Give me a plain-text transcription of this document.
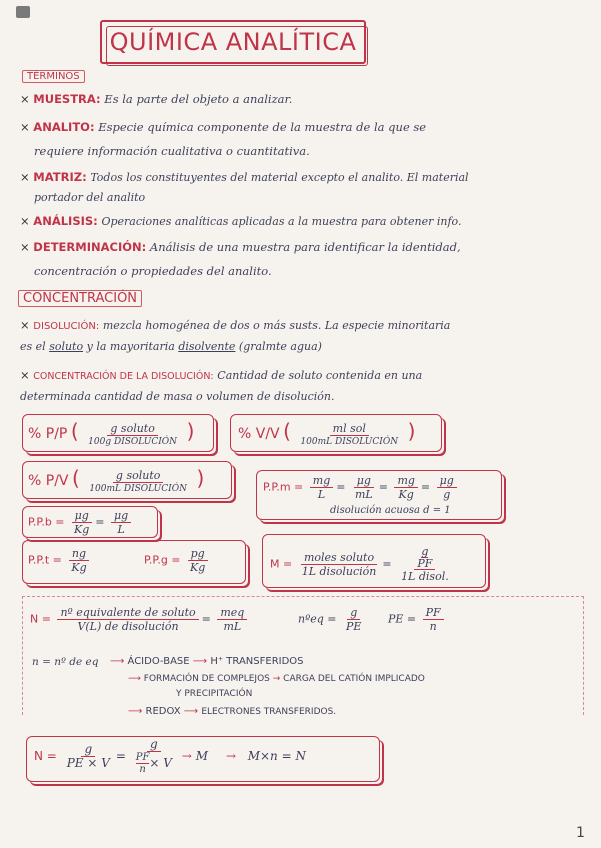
QUÍMICA ANALÍTICA
TÉRMINOS
× MUESTRA: Es la parte del objeto a analizar.
× ANALITO: Especie química componente de la muestra de la que se
requiere información cualitativa o cuantitativa.
× MATRIZ: Todos los constituyentes del material excepto el analito. El material
portador del analito
× ANÁLISIS: Operaciones analíticas aplicadas a la muestra para obtener info.
× DETERMINACIÓN: Análisis de una muestra para identificar la identidad,
concentración o propiedades del analito.
CONCENTRACIÓN
× DISOLUCIÓN: mezcla homogénea de dos o más susts. La especie minoritaria
es el soluto y la mayoritaria disolvente (gralmte agua)
× CONCENTRACIÓN DE LA DISOLUCIÓN: Cantidad de soluto contenida en una
determinada cantidad de masa o volumen de disolución.
% P/P ( $\frac{\text{g soluto}}{\text{100g DISOLUCIÓN}}$ )	% V/V ( $\frac{\text{ml sol}}{\text{100mL DISOLUCIÓN}}$ )
% P/V ( $\frac{\text{g soluto}}{\text{100mL DISOLUCIÓN}}$ )	$P.P.m = \frac{mg}{L} = \frac{\mu g}{mL} = \frac{mg}{Kg} = \frac{\mu g}{g}$
disolución acuosa d = 1
$P.P.b = \frac{\mu g}{Kg} = \frac{\mu g}{L}$
$P.P.t = \frac{ng}{Kg}$	$P.P.g = \frac{pg}{Kg}$	$M = \frac{\text{moles soluto}}{\text{1L disolución}} = g$
PF
1L disol.
$N = \frac{\text{nº equivalente de soluto}}{\text{V(L) de disolución}} = \frac{\text{meq}}{mL}$	nºeq = $\frac{g}{PE}$ PE = $\frac{PF}{n}$
n = nº de eq ⟶ ÁCIDO-BASE ⟶ H⁺ TRANSFERIDOS
⟶ FORMACIÓN DE COMPLEJOS → CARGA DEL CATIÓN IMPLICADO
Y PRECIPITACIÓN
⟶ REDOX ⟶ ELECTRONES TRANSFERIDOS.
$N = \frac{g}{PE \times V} = \frac{g}{\frac{PF}{n} \times V} \to M \to M\times n = N$
1
